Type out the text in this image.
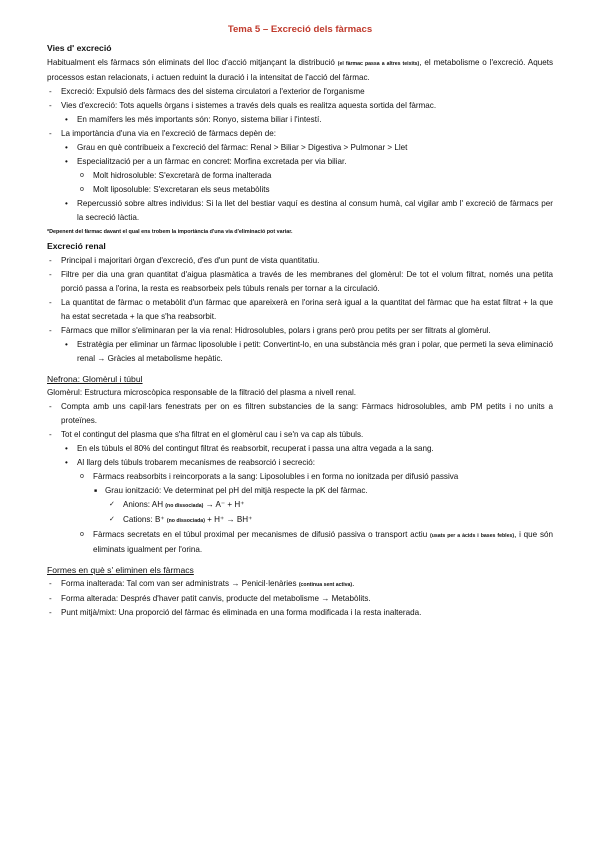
Tema 5 – Excreció dels fàrmacs
Vies d' excreció

Habitualment els fàrmacs són eliminats del lloc d'acció mitjançant la distribució (el fàrmac passa a altres teixits), el metabolisme o l'excreció. Aquets processos estan relacionats, i actuen reduint la duració i la intensitat de l'acció del fàrmac.

- Excreció: Expulsió dels fàrmacs des del sistema circulatori a l'exterior de l'organisme
- Vies d'excreció: Tots aquells òrgans i sistemes a través dels quals es realitza aquesta sortida del fàrmac.
• En mamífers les més importants són: Ronyo, sistema biliar i l'intestí.
- La importància d'una via en l'excreció de fàrmacs depèn de:
• Grau en què contribueix a l'excreció del fàrmac: Renal > Biliar > Digestiva > Pulmonar > Llet
• Especialització per a un fàrmac en concret: Morfina excretada per via biliar.
o Molt hidrosoluble: S'excretarà de forma inalterada
o Molt liposoluble: S'excretaran els seus metabòlits
• Repercussió sobre altres individus: Si la llet del bestiar vaquí es destina al consum humà, cal vigilar amb l' excreció de fàrmacs per la secreció làctia.
*Depenent del fàrmac davant el qual ens trobem la importància d'una via d'eliminació pot variar.
Excreció renal
- Principal i majoritari òrgan d'excreció, d'es d'un punt de vista quantitatiu.
- Filtre per dia una gran quantitat d'aigua plasmàtica a través de les membranes del glomèrul: De tot el volum filtrat, només una petita porció passa a l'orina, la resta es reabsorbeix pels túbuls renals per tornar a la circulació.
- La quantitat de fàrmac o metabòlit d'un fàrmac que apareixerà en l'orina serà igual a la quantitat del fàrmac que ha estat filtrat + la que ha estat secretada + la que s'ha reabsorbit.
- Fàrmacs que millor s'eliminaran per la via renal: Hidrosolubles, polars i grans però prou petits per ser filtrats al glomèrul.
• Estratègia per eliminar un fàrmac liposoluble i petit: Convertint-lo, en una substància més gran i polar, que permeti la seva eliminació renal → Gràcies al metabolisme hepàtic.
Nefrona: Glomèrul i túbul

Glomèrul: Estructura microscòpica responsable de la filtració del plasma a nivell renal.

- Compta amb uns capil·lars fenestrats per on es filtren substancies de la sang: Fàrmacs hidrosolubles, amb PM petits i no units a proteïnes.
- Tot el contingut del plasma que s'ha filtrat en el glomèrul cau i se'n va cap als túbuls.
• En els túbuls el 80% del contingut filtrat és reabsorbit, recuperat i passa una altra vegada a la sang.
• Al llarg dels túbuls trobarem mecanismes de reabsorció i secreció:
o Fàrmacs reabsorbits i reincorporats a la sang: Liposolubles i en forma no ionitzada per difusió passiva
■ Grau ionització: Ve determinat pel pH del mitjà respecte la pK del fàrmac.
✓ Anions: AH (no dissociada) → A⁻ + H⁺
✓ Cations: B⁺ (no dissociada) + H⁺ → BH⁺
o Fàrmacs secretats en el túbul proximal per mecanismes de difusió passiva o transport actiu (usats per a àcids i bases febles), i que són eliminats igualment per l'orina.
Formes en què s' eliminen els fàrmacs
- Forma inalterada: Tal com van ser administrats → Penicil·lenàries (continua sent activa).
- Forma alterada: Després d'haver patit canvis, producte del metabolisme → Metabòlits.
- Punt mitjà/mixt: Una proporció del fàrmac és eliminada en una forma modificada i la resta inalterada.
